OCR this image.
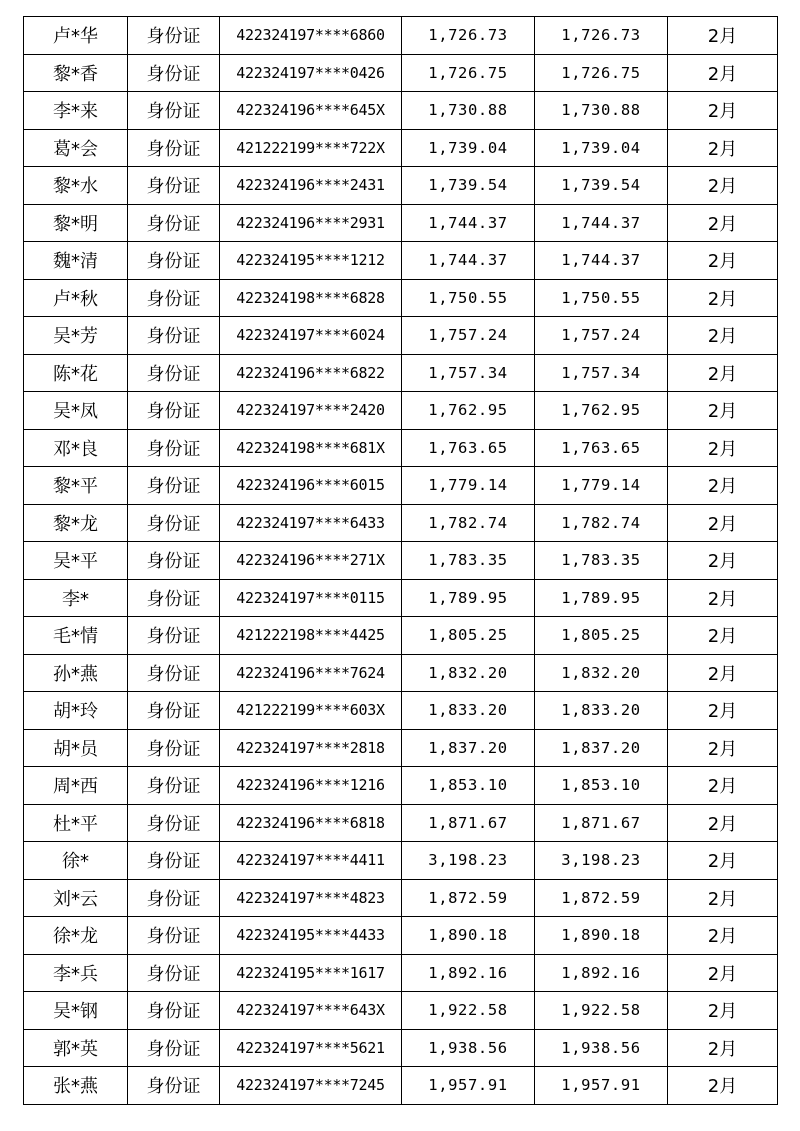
卢*华	身份证	422324197****6860	1,726.73	1,726.73	2月
黎*香	身份证	422324197****0426	1,726.75	1,726.75	2月
李*来	身份证	422324196****645X	1,730.88	1,730.88	2月
葛*会	身份证	421222199****722X	1,739.04	1,739.04	2月
黎*水	身份证	422324196****2431	1,739.54	1,739.54	2月
黎*明	身份证	422324196****2931	1,744.37	1,744.37	2月
魏*清	身份证	422324195****1212	1,744.37	1,744.37	2月
卢*秋	身份证	422324198****6828	1,750.55	1,750.55	2月
吴*芳	身份证	422324197****6024	1,757.24	1,757.24	2月
陈*花	身份证	422324196****6822	1,757.34	1,757.34	2月
吴*凤	身份证	422324197****2420	1,762.95	1,762.95	2月
邓*良	身份证	422324198****681X	1,763.65	1,763.65	2月
黎*平	身份证	422324196****6015	1,779.14	1,779.14	2月
黎*龙	身份证	422324197****6433	1,782.74	1,782.74	2月
吴*平	身份证	422324196****271X	1,783.35	1,783.35	2月
李*	身份证	422324197****0115	1,789.95	1,789.95	2月
毛*情	身份证	421222198****4425	1,805.25	1,805.25	2月
孙*燕	身份证	422324196****7624	1,832.20	1,832.20	2月
胡*玲	身份证	421222199****603X	1,833.20	1,833.20	2月
胡*员	身份证	422324197****2818	1,837.20	1,837.20	2月
周*西	身份证	422324196****1216	1,853.10	1,853.10	2月
杜*平	身份证	422324196****6818	1,871.67	1,871.67	2月
徐*	身份证	422324197****4411	3,198.23	3,198.23	2月
刘*云	身份证	422324197****4823	1,872.59	1,872.59	2月
徐*龙	身份证	422324195****4433	1,890.18	1,890.18	2月
李*兵	身份证	422324195****1617	1,892.16	1,892.16	2月
吴*钢	身份证	422324197****643X	1,922.58	1,922.58	2月
郭*英	身份证	422324197****5621	1,938.56	1,938.56	2月
张*燕	身份证	422324197****7245	1,957.91	1,957.91	2月
